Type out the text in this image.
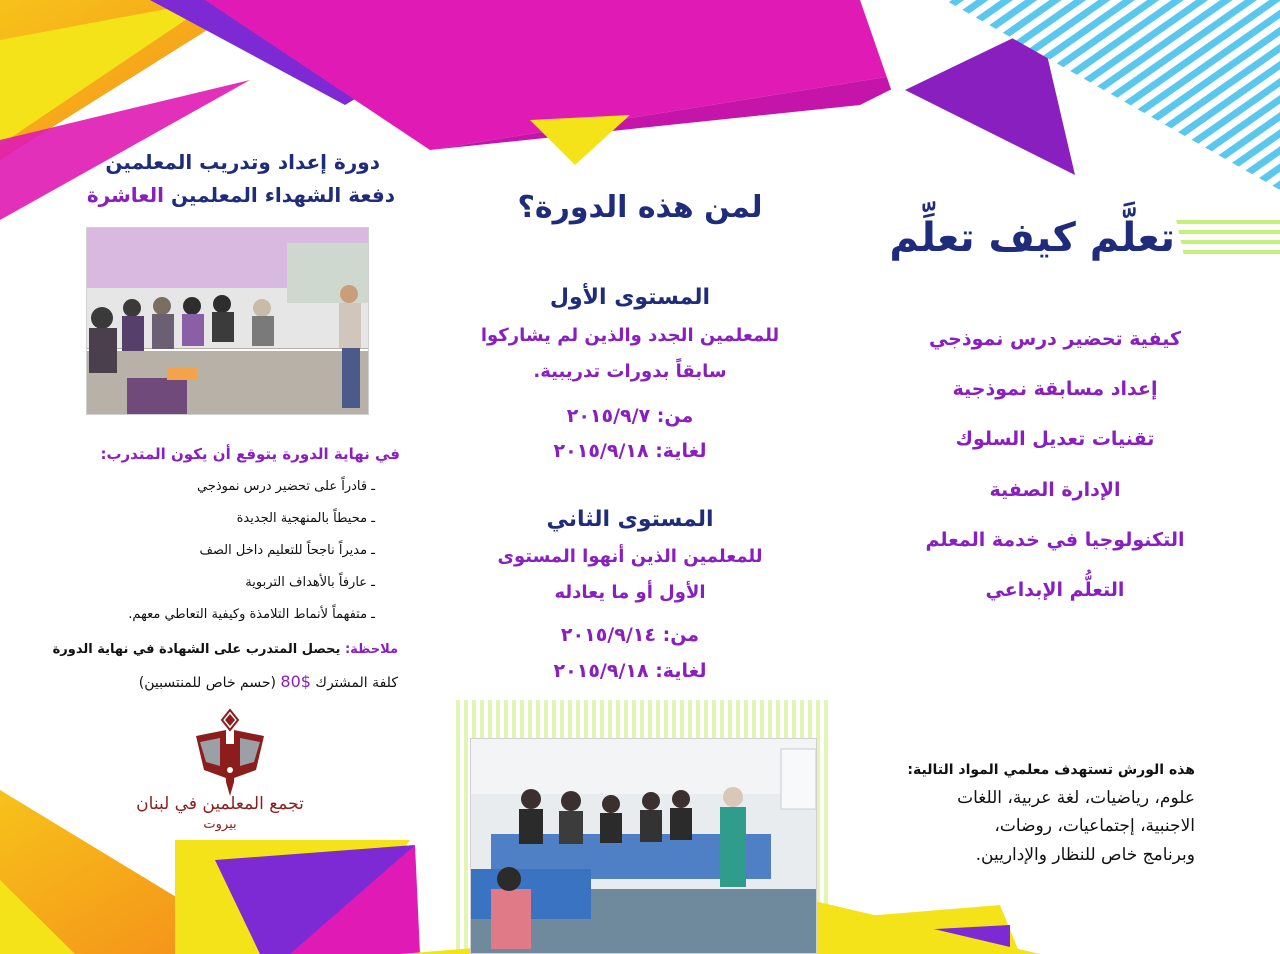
تعلَّم كيف تعلِّم
كيفية تحضير درس نموذجي
إعداد مسابقة نموذجية
تقنيات تعديل السلوك
الإدارة الصفية
التكنولوجيا في خدمة المعلم
التعلُّم الإبداعي
هذه الورش تستهدف معلمي المواد التالية:
علوم، رياضيات، لغة عربية، اللغات
الاجنبية، إجتماعيات، روضات،
وبرنامج خاص للنظار والإداريين.
لمن هذه الدورة؟
المستوى الأول
للمعلمين الجدد والذين لم يشاركوا
سابقاً بدورات تدريبية.
من: ٢٠١٥/٩/٧
لغاية: ٢٠١٥/٩/١٨
المستوى الثاني
للمعلمين الذين أنهوا المستوى
الأول أو ما يعادله
من: ٢٠١٥/٩/١٤
لغاية: ٢٠١٥/٩/١٨
دورة إعداد وتدريب المعلمين
دفعة الشهداء المعلمين العاشرة
في نهاية الدورة يتوقع أن يكون المتدرب:
ـ قادراً على تحضير درس نموذجي
ـ محيطاً بالمنهجية الجديدة
ـ مديراً ناجحاً للتعليم داخل الصف
ـ عارفاً بالأهداف التربوية
ـ متفهماً لأنماط التلامذة وكيفية التعاطي معهم.
ملاحظة: يحصل المتدرب على الشهادة في نهاية الدورة
كلفة المشترك 80$ (حسم خاص للمنتسبين)
تجمع المعلمين في لبنان
بيروت
